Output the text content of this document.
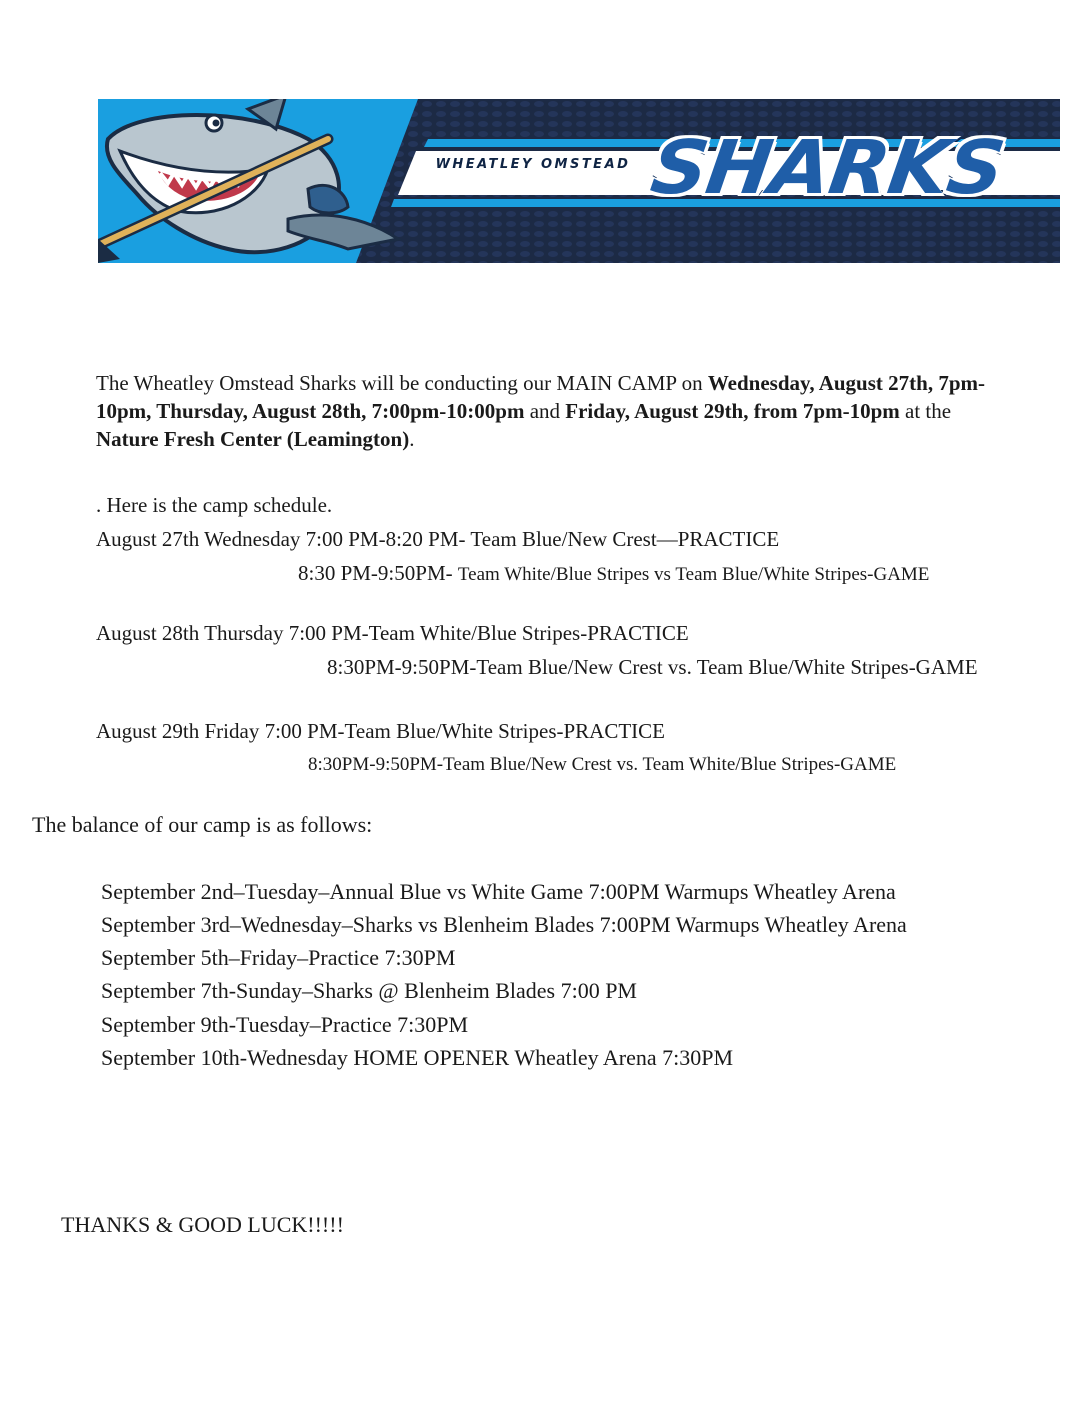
WHEATLEY OMSTEAD SHARKS
The Wheatley Omstead Sharks will be conducting our MAIN CAMP on Wednesday, August 27th, 7pm-10pm, Thursday, August 28th, 7:00pm-10:00pm and Friday, August 29th, from 7pm-10pm at the Nature Fresh Center (Leamington).
. Here is the camp schedule.
August 27th Wednesday 7:00 PM-8:20 PM- Team Blue/New Crest—PRACTICE
8:30 PM-9:50PM- Team White/Blue Stripes vs Team Blue/White Stripes-GAME
August 28th Thursday 7:00 PM-Team White/Blue Stripes-PRACTICE
8:30PM-9:50PM-Team Blue/New Crest vs. Team Blue/White Stripes-GAME
August 29th Friday 7:00 PM-Team Blue/White Stripes-PRACTICE
8:30PM-9:50PM-Team Blue/New Crest vs. Team White/Blue Stripes-GAME
The balance of our camp is as follows:
September 2nd–Tuesday–Annual Blue vs White Game 7:00PM Warmups Wheatley Arena
September 3rd–Wednesday–Sharks vs Blenheim Blades 7:00PM Warmups Wheatley Arena
September 5th–Friday–Practice 7:30PM
September 7th-Sunday–Sharks @ Blenheim Blades 7:00 PM
September 9th-Tuesday–Practice 7:30PM
September 10th-Wednesday HOME OPENER Wheatley Arena 7:30PM
THANKS & GOOD LUCK!!!!!
